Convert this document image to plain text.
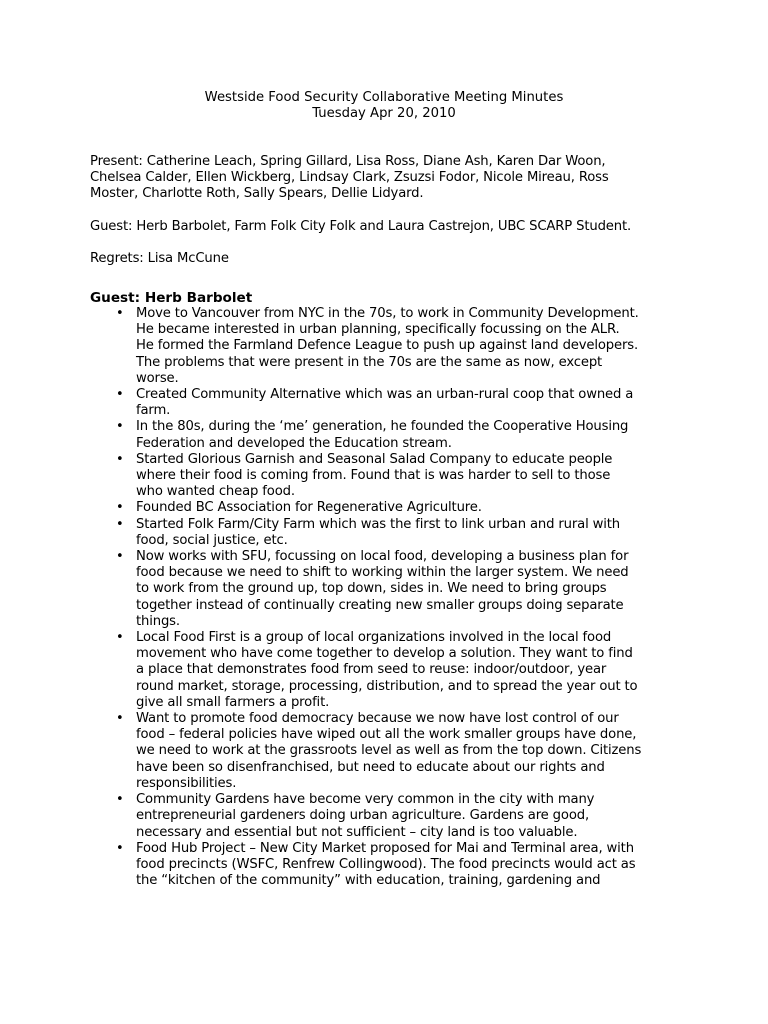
Westside Food Security Collaborative Meeting Minutes
Tuesday Apr 20, 2010
Present: Catherine Leach, Spring Gillard, Lisa Ross, Diane Ash, Karen Dar Woon,
Chelsea Calder, Ellen Wickberg, Lindsay Clark, Zsuzsi Fodor, Nicole Mireau, Ross
Moster, Charlotte Roth, Sally Spears, Dellie Lidyard.
Guest: Herb Barbolet, Farm Folk City Folk and Laura Castrejon, UBC SCARP Student.
Regrets: Lisa McCune
Guest: Herb Barbolet
• Move to Vancouver from NYC in the 70s, to work in Community Development.
He became interested in urban planning, specifically focussing on the ALR.
He formed the Farmland Defence League to push up against land developers.
The problems that were present in the 70s are the same as now, except
worse.
• Created Community Alternative which was an urban-rural coop that owned a
farm.
• In the 80s, during the ‘me’ generation, he founded the Cooperative Housing
Federation and developed the Education stream.
• Started Glorious Garnish and Seasonal Salad Company to educate people
where their food is coming from. Found that is was harder to sell to those
who wanted cheap food.
• Founded BC Association for Regenerative Agriculture.
• Started Folk Farm/City Farm which was the first to link urban and rural with
food, social justice, etc.
• Now works with SFU, focussing on local food, developing a business plan for
food because we need to shift to working within the larger system. We need
to work from the ground up, top down, sides in. We need to bring groups
together instead of continually creating new smaller groups doing separate
things.
• Local Food First is a group of local organizations involved in the local food
movement who have come together to develop a solution. They want to find
a place that demonstrates food from seed to reuse: indoor/outdoor, year
round market, storage, processing, distribution, and to spread the year out to
give all small farmers a profit.
• Want to promote food democracy because we now have lost control of our
food – federal policies have wiped out all the work smaller groups have done,
we need to work at the grassroots level as well as from the top down. Citizens
have been so disenfranchised, but need to educate about our rights and
responsibilities.
• Community Gardens have become very common in the city with many
entrepreneurial gardeners doing urban agriculture. Gardens are good,
necessary and essential but not sufficient – city land is too valuable.
• Food Hub Project – New City Market proposed for Mai and Terminal area, with
food precincts (WSFC, Renfrew Collingwood). The food precincts would act as
the “kitchen of the community” with education, training, gardening and
